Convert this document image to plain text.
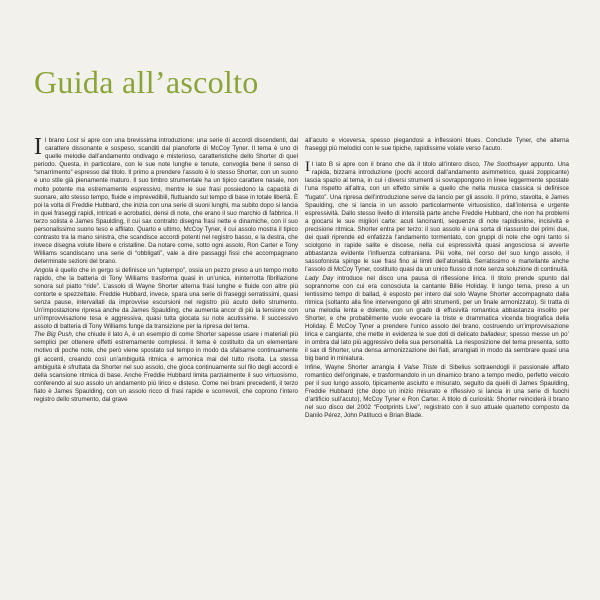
Guida all’ascolto

Il brano Lost si apre con una brevissima introduzione: una serie di accordi discendenti, dal carattere dissonante e sospeso, scanditi dal pianoforte di McCoy Tyner. Il tema è uno di quelle melodie dall’andamento ondivago e misterioso, caratteristiche dello Shorter di quel periodo. Questa, in particolare, con le sue note lunghe e tenute, convoglia bene il senso di “smarrimento” espresso dal titolo. Il primo a prendere l’assolo è lo stesso Shorter, con un suono e uno stile già pienamente maturo. Il suo timbro strumentale ha un tipico carattere nasale, non molto potente ma estremamente espressivo, mentre le sue frasi possiedono la capacità di suonare, allo stesso tempo, fluide e imprevedibili, fluttuando sul tempo di base in totale libertà. È poi la volta di Freddie Hubbard, che inizia con una serie di suoni lunghi, ma subito dopo si lancia in quei fraseggi rapidi, intricati e acrobatici, densi di note, che erano il suo marchio di fabbrica. Il terzo solista è James Spaulding, il cui sax contralto disegna frasi nette e dinamiche, con il suo personalissimo suono teso e affilato. Quarto e ultimo, McCoy Tyner, il cui assolo mostra il tipico contrasto tra la mano sinistra, che scandisce accordi potenti nel registro basso, e la destra, che invece disegna volute libere e cristalline. Da notare come, sotto ogni assolo, Ron Carter e Tony Williams scandiscano una serie di “obbligati”, vale a dire passaggi fissi che accompagnano determinate sezioni del brano.

Angola è quello che in gergo si definisce un “uptempo”, ossia un pezzo preso a un tempo molto rapido, che la batteria di Tony Williams trasforma quasi in un’unica, ininterrotta fibrillazione sonora sul piatto “ride”. L’assolo di Wayne Shorter alterna frasi lunghe e fluide con altre più contorte e spezzettate. Freddie Hubbard, invece, spara una serie di fraseggi serratissimi, quasi senza pause, intervallati da improvvise escursioni nel registro più acuto dello strumento. Un’impostazione ripresa anche da James Spaulding, che aumenta ancor di più la tensione con un’improvvisazione tesa e aggressiva, quasi tutta giocata su note acutissime. Il successivo assolo di batteria di Tony Williams funge da transizione per la ripresa del tema.

The Big Push, che chiude il lato A, è un esempio di come Shorter sapesse usare i materiali più semplici per ottenere effetti estremamente complessi. Il tema è costituito da un elementare motivo di poche note, che però viene spostato sul tempo in modo da sfalsarne continuamente gli accenti, creando così un’ambiguità ritmica e armonica mai del tutto risolta. La stessa ambiguità è sfruttata da Shorter nel suo assolo, che gioca continuamente sul filo degli accordi e della scansione ritmica di base. Anche Freddie Hubbard limita parzialmente il suo virtuosismo, conferendo al suo assolo un andamento più lirico e disteso. Come nei brani precedenti, il terzo fiato è James Spaulding, con un assolo ricco di frasi rapide e scorrevoli, che coprono l’intero registro dello strumento, dal grave

all’acuto e viceversa, spesso piegandosi a inflessioni blues. Conclude Tyner, che alterna fraseggi più melodici con le sue tipiche, rapidissime volate verso l’acuto.

Il lato B si apre con il brano che dà il titolo all’intero disco, The Soothsayer appunto. Una rapida, bizzarra introduzione (pochi accordi dall’andamento asimmetrico, quasi zoppicante) lascia spazio al tema, in cui i diversi strumenti si sovrappongono in linee leggermente spostate l’una rispetto all’altra, con un effetto simile a quello che nella musica classica si definisce “fugato”. Una ripresa dell’introduzione serve da lancio per gli assolo. Il primo, stavolta, è James Spaulding, che si lancia in un assolo particolarmente virtuosistico, dall’intensa e urgente espressività. Dallo stesso livello di intensità parte anche Freddie Hubbard, che non ha problemi a giocarsi le sue migliori carte: acuti lancinanti, sequenze di note rapidissime, incisività e precisione ritmica. Shorter entra per terzo: il suo assolo è una sorta di riassunto dei primi due, dei quali riprende ed enfatizza l’andamento tormentato, con gruppi di note che ogni tanto si sciolgono in rapide salite e discese, nella cui espressività quasi angosciosa si avverte abbastanza evidente l’influenza coltraniana. Più volte, nel corso del suo lungo assolo, il sassofonista spinge le sue frasi fino ai limiti dell’atonalità. Serratissimo e martellante anche l’assolo di McCoy Tyner, costituito quasi da un unico flusso di note senza soluzione di continuità.

Lady Day introduce nel disco una pausa di riflessione lirica. Il titolo prende spunto dal soprannome con cui era conosciuta la cantante Billie Holiday. Il lungo tema, preso a un lentissimo tempo di ballad, è esposto per intero dal solo Wayne Shorter accompagnato dalla ritmica (soltanto alla fine intervengono gli altri strumenti, per un finale armonizzato). Si tratta di una melodia lenta e dolente, con un grado di effusività romantica abbastanza insolito per Shorter, e che probabilmente vuole evocare la triste e drammatica vicenda biografica della Holiday. È McCoy Tyner a prendere l’unico assolo del brano, costruendo un’improvvisazione lirica e cangiante, che mette in evidenza le sue doti di delicato balladeur, spesso messe un po’ in ombra dal lato più aggressivo della sua personalità. La riesposizione del tema presenta, sotto il sax di Shorter, una densa armonizzazione dei fiati, arrangiati in modo da sembrare quasi una big band in miniatura.

Infine, Wayne Shorter arrangia il Valse Triste di Sibelius sottraendogli il passionale afflato romantico dell’originale, e trasformandolo in un dinamico brano a tempo medio, perfetto veicolo per il suo lungo assolo, tipicamente asciutto e misurato, seguito da quelli di James Spaulding, Freddie Hubbard (che dopo un inizio misurato e riflessivo si lancia in una serie di fuochi d’artificio sull’acuto), McCoy Tyner e Ron Carter. A titolo di curiosità: Shorter reinciderà il brano nel suo disco del 2002 “Footprints Live”, registrato con il suo attuale quartetto composto da Danilo Pérez, John Patitucci e Brian Blade.
